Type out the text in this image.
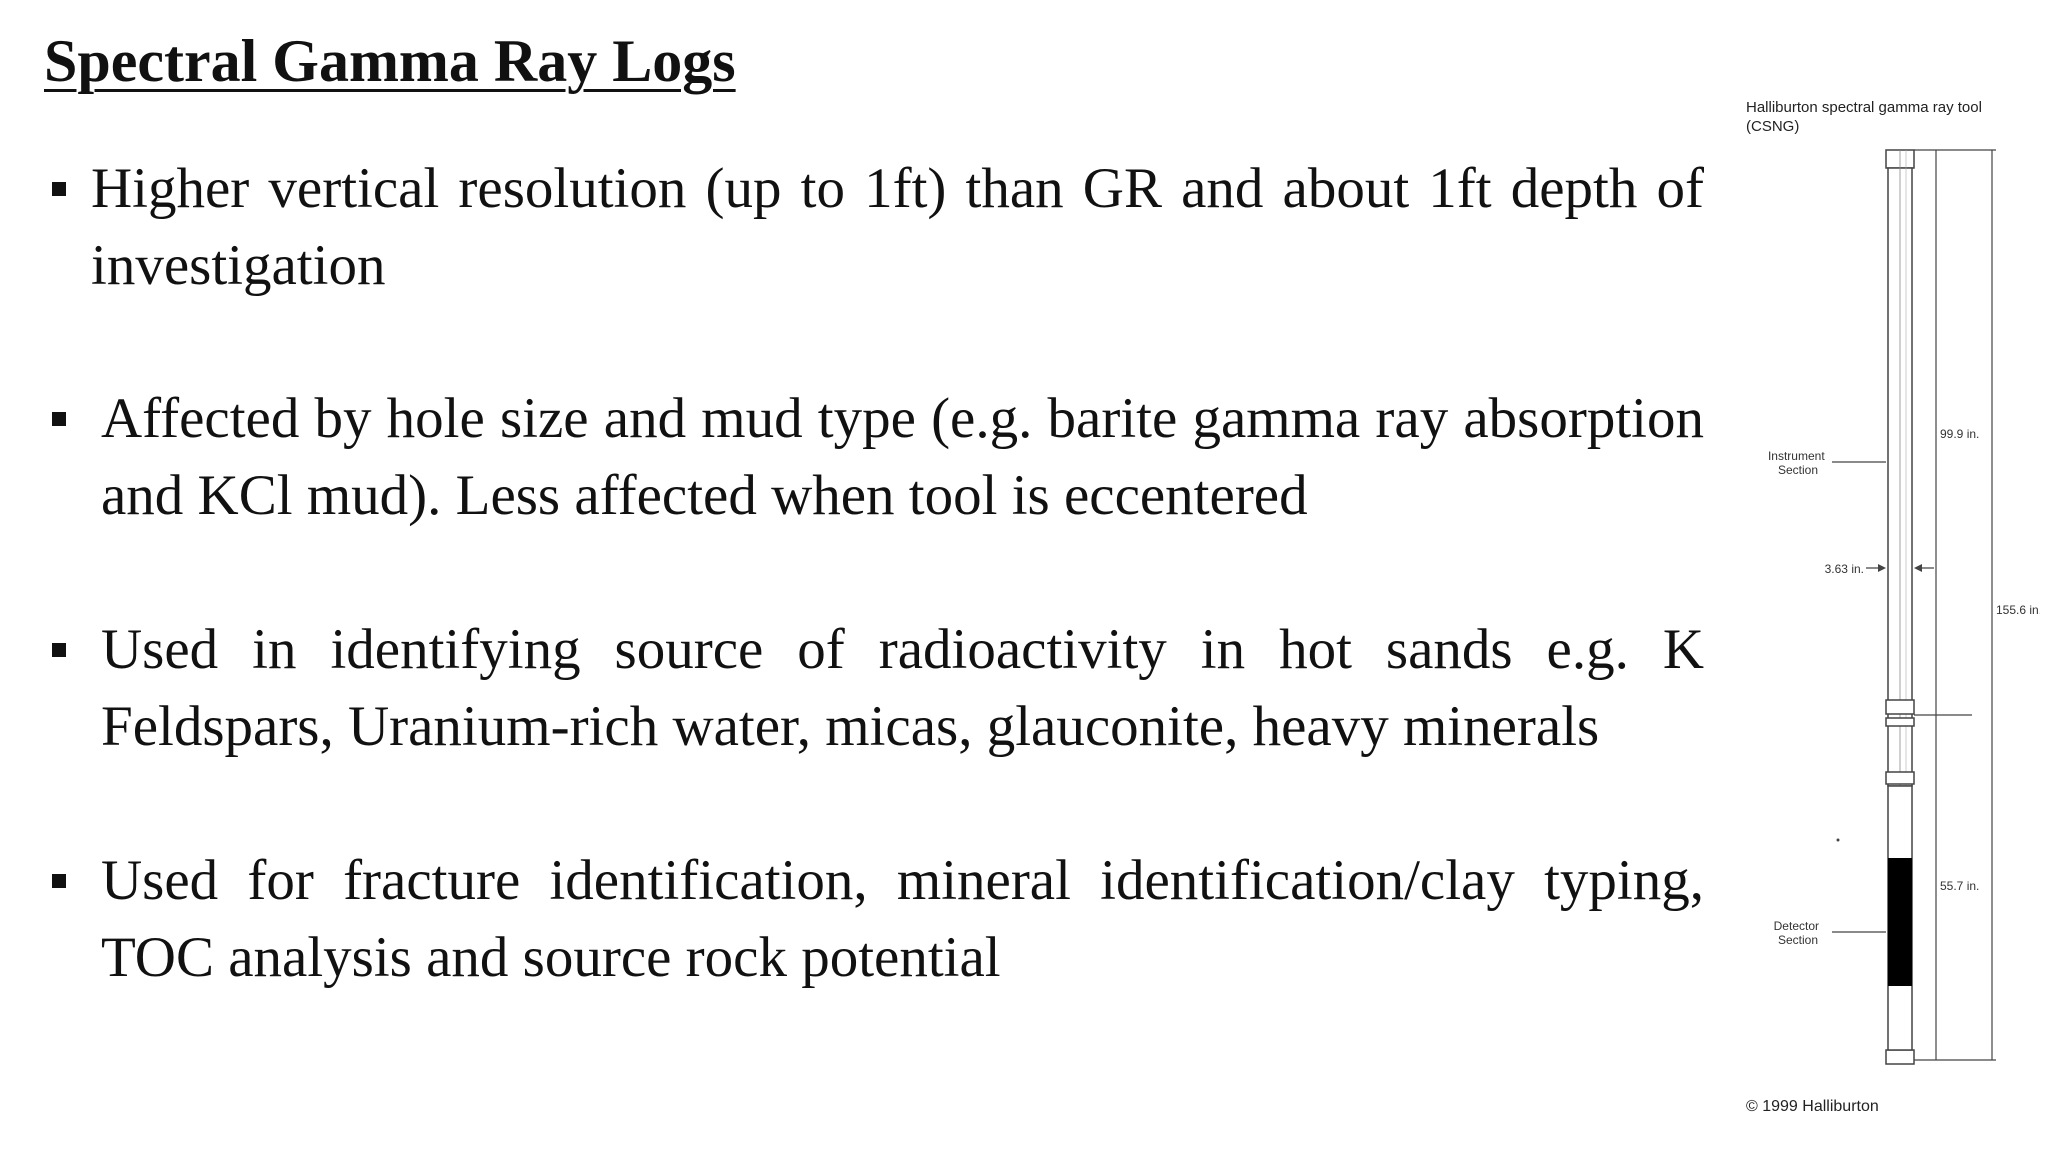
Spectral Gamma Ray Logs
Higher vertical resolution (up to 1ft) than GR and about 1ft depth of investigation
Affected by hole size and mud type (e.g. barite gamma ray absorption and KCl mud). Less affected when tool is eccentered
Used in identifying source of radioactivity in hot sands e.g. K Feldspars, Uranium-rich water, micas, glauconite, heavy minerals
Used for fracture identification, mineral identification/clay typing, TOC analysis and source rock potential
Halliburton spectral gamma ray tool (CSNG)
Instrument Section
Detector Section
3.63 in.
99.9 in.
155.6 in.
55.7 in.
© 1999 Halliburton
